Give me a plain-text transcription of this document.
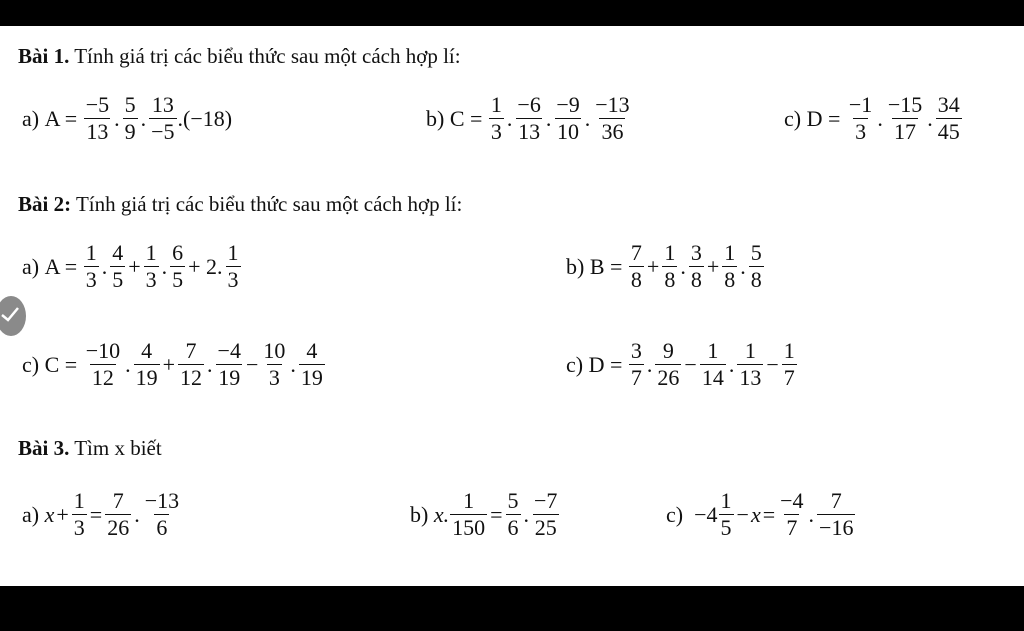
Bài 1. Tính giá trị các biểu thức sau một cách hợp lí:
a)
A =
$\frac{-5}{13}$ . $\frac{5}{9}$ . $\frac{13}{-5} .(-18)$	b)
C =
$\frac{1}{3}$ . $\frac{-6}{13}$ . $\frac{-9}{10}$ . $\frac{-13}{36}$	c)
D =
$\frac{-1}{3}$ . $\frac{-15}{17}$ . $\frac{34}{45}$
Bài 2: Tính giá trị các biểu thức sau một cách hợp lí:
a)
A =
$\frac{1}{3}$ . $\frac{4}{5} + \frac{1}{3}$ . $\frac{6}{5} + 2$. $\frac{1}{3}$	b)
B =
$\frac{7}{8} + \frac{1}{8}$ . $\frac{3}{8} + \frac{1}{8}$ . $\frac{5}{8}$
c)
C =
$\frac{-10}{12}$ . $\frac{4}{19} + \frac{7}{12}$ . $\frac{-4}{19} - \frac{10}{3}$ . $\frac{4}{19}$	c)
D =
$\frac{3}{7}$ . $\frac{9}{26} - \frac{1}{14}$ . $\frac{1}{13} - \frac{1}{7}$
Bài 3. Tìm x biết
a)
$x + \frac{1}{3} = \frac{7}{26}$ . $\frac{-13}{6}$	b)
x. $\frac{1}{150} = \frac{5}{6}$ . $\frac{-7}{25}$	c)
$-4 \frac{1}{5} - x = \frac{-4}{7}$ . $\frac{7}{-16}$
